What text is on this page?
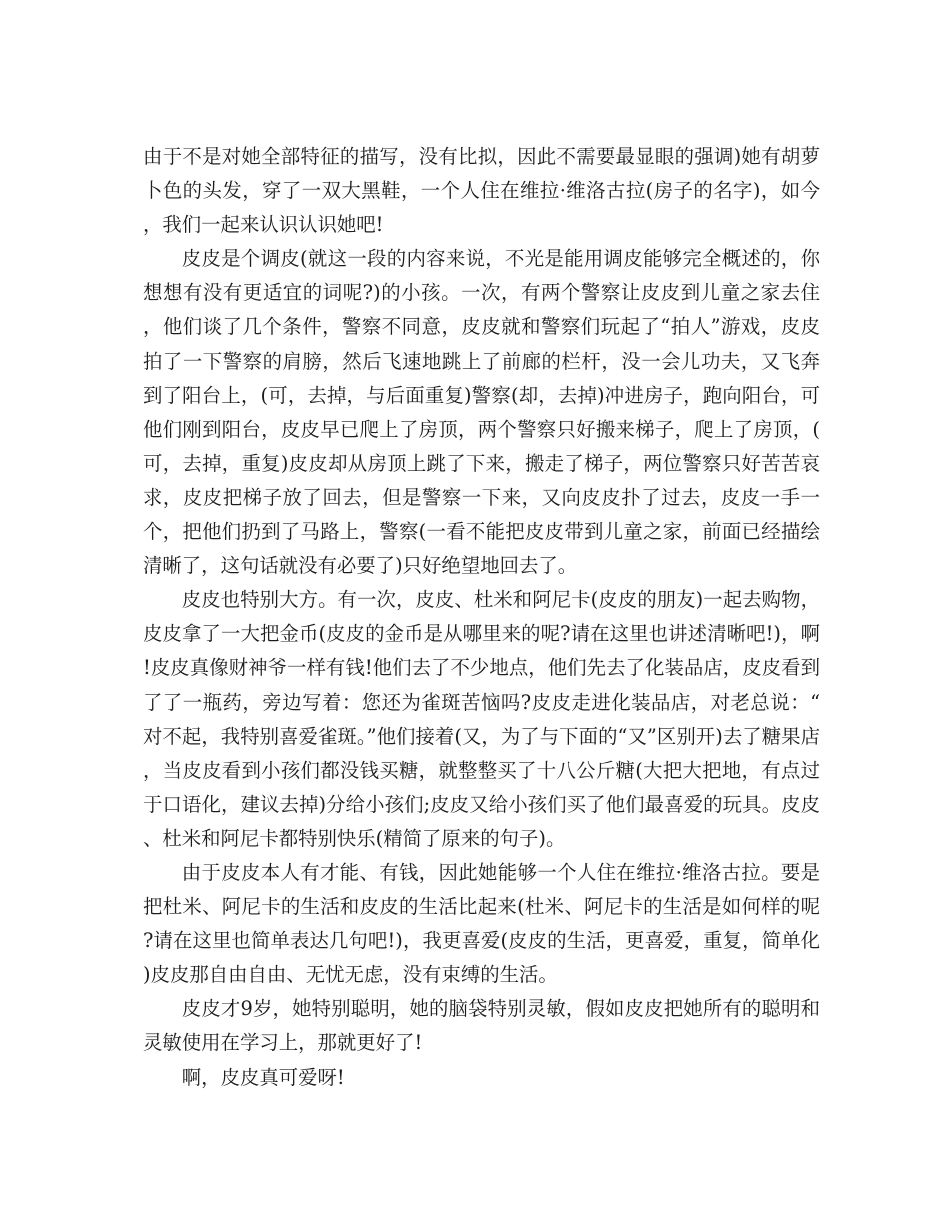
由于不是对她全部特征的描写，没有比拟，因此不需要最显眼的强调)她有胡萝卜色的头发，穿了一双大黑鞋，一个人住在维拉·维洛古拉(房子的名字)，如今，我们一起来认识认识她吧!

皮皮是个调皮(就这一段的内容来说，不光是能用调皮能够完全概述的，你想想有没有更适宜的词呢?)的小孩。一次，有两个警察让皮皮到儿童之家去住，他们谈了几个条件，警察不同意，皮皮就和警察们玩起了“拍人”游戏，皮皮拍了一下警察的肩膀，然后飞速地跳上了前廊的栏杆，没一会儿功夫，又飞奔到了阳台上，(可，去掉，与后面重复)警察(却，去掉)冲进房子，跑向阳台，可他们刚到阳台，皮皮早已爬上了房顶，两个警察只好搬来梯子，爬上了房顶，(可，去掉，重复)皮皮却从房顶上跳了下来，搬走了梯子，两位警察只好苦苦哀求，皮皮把梯子放了回去，但是警察一下来，又向皮皮扑了过去，皮皮一手一个，把他们扔到了马路上，警察(一看不能把皮皮带到儿童之家，前面已经描绘清晰了，这句话就没有必要了)只好绝望地回去了。

皮皮也特别大方。有一次，皮皮、杜米和阿尼卡(皮皮的朋友)一起去购物，皮皮拿了一大把金币(皮皮的金币是从哪里来的呢?请在这里也讲述清晰吧!)，啊!皮皮真像财神爷一样有钱!他们去了不少地点，他们先去了化装品店，皮皮看到了了一瓶药，旁边写着：您还为雀斑苦恼吗?皮皮走进化装品店，对老总说：“对不起，我特别喜爱雀斑。”他们接着(又，为了与下面的“又”区别开)去了糖果店，当皮皮看到小孩们都没钱买糖，就整整买了十八公斤糖(大把大把地，有点过于口语化，建议去掉)分给小孩们;皮皮又给小孩们买了他们最喜爱的玩具。皮皮、杜米和阿尼卡都特别快乐(精简了原来的句子)。

由于皮皮本人有才能、有钱，因此她能够一个人住在维拉·维洛古拉。要是把杜米、阿尼卡的生活和皮皮的生活比起来(杜米、阿尼卡的生活是如何样的呢?请在这里也简单表达几句吧!)，我更喜爱(皮皮的生活，更喜爱，重复，简单化)皮皮那自由自由、无忧无虑，没有束缚的生活。

皮皮才9岁，她特别聪明，她的脑袋特别灵敏，假如皮皮把她所有的聪明和灵敏使用在学习上，那就更好了!

啊，皮皮真可爱呀!
